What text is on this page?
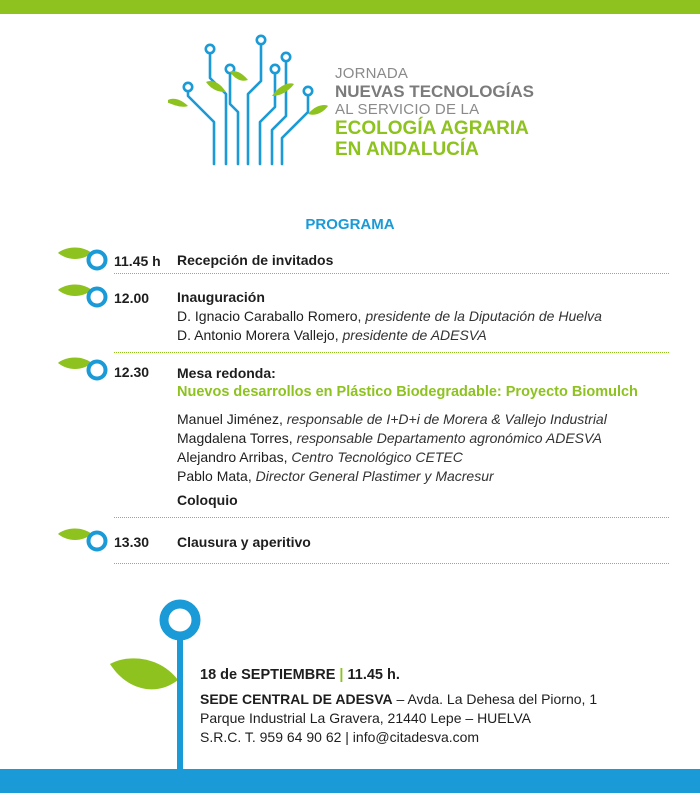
JORNADA
NUEVAS TECNOLOGÍAS
AL SERVICIO DE LA
ECOLOGÍA AGRARIA
EN ANDALUCÍA
PROGRAMA
11.45 h Recepción de invitados
12.00 Inauguración
D. Ignacio Caraballo Romero, presidente de la Diputación de Huelva
D. Antonio Morera Vallejo, presidente de ADESVA
12.30 Mesa redonda:
Nuevos desarrollos en Plástico Biodegradable: Proyecto Biomulch
Manuel Jiménez, responsable de I+D+i de Morera & Vallejo Industrial
Magdalena Torres, responsable Departamento agronómico ADESVA
Alejandro Arribas, Centro Tecnológico CETEC
Pablo Mata, Director General Plastimer y Macresur
Coloquio
13.30 Clausura y aperitivo
18 de SEPTIEMBRE | 11.45 h.
SEDE CENTRAL DE ADESVA – Avda. La Dehesa del Piorno, 1
Parque Industrial La Gravera, 21440 Lepe – HUELVA
S.R.C. T. 959 64 90 62 | info@citadesva.com
